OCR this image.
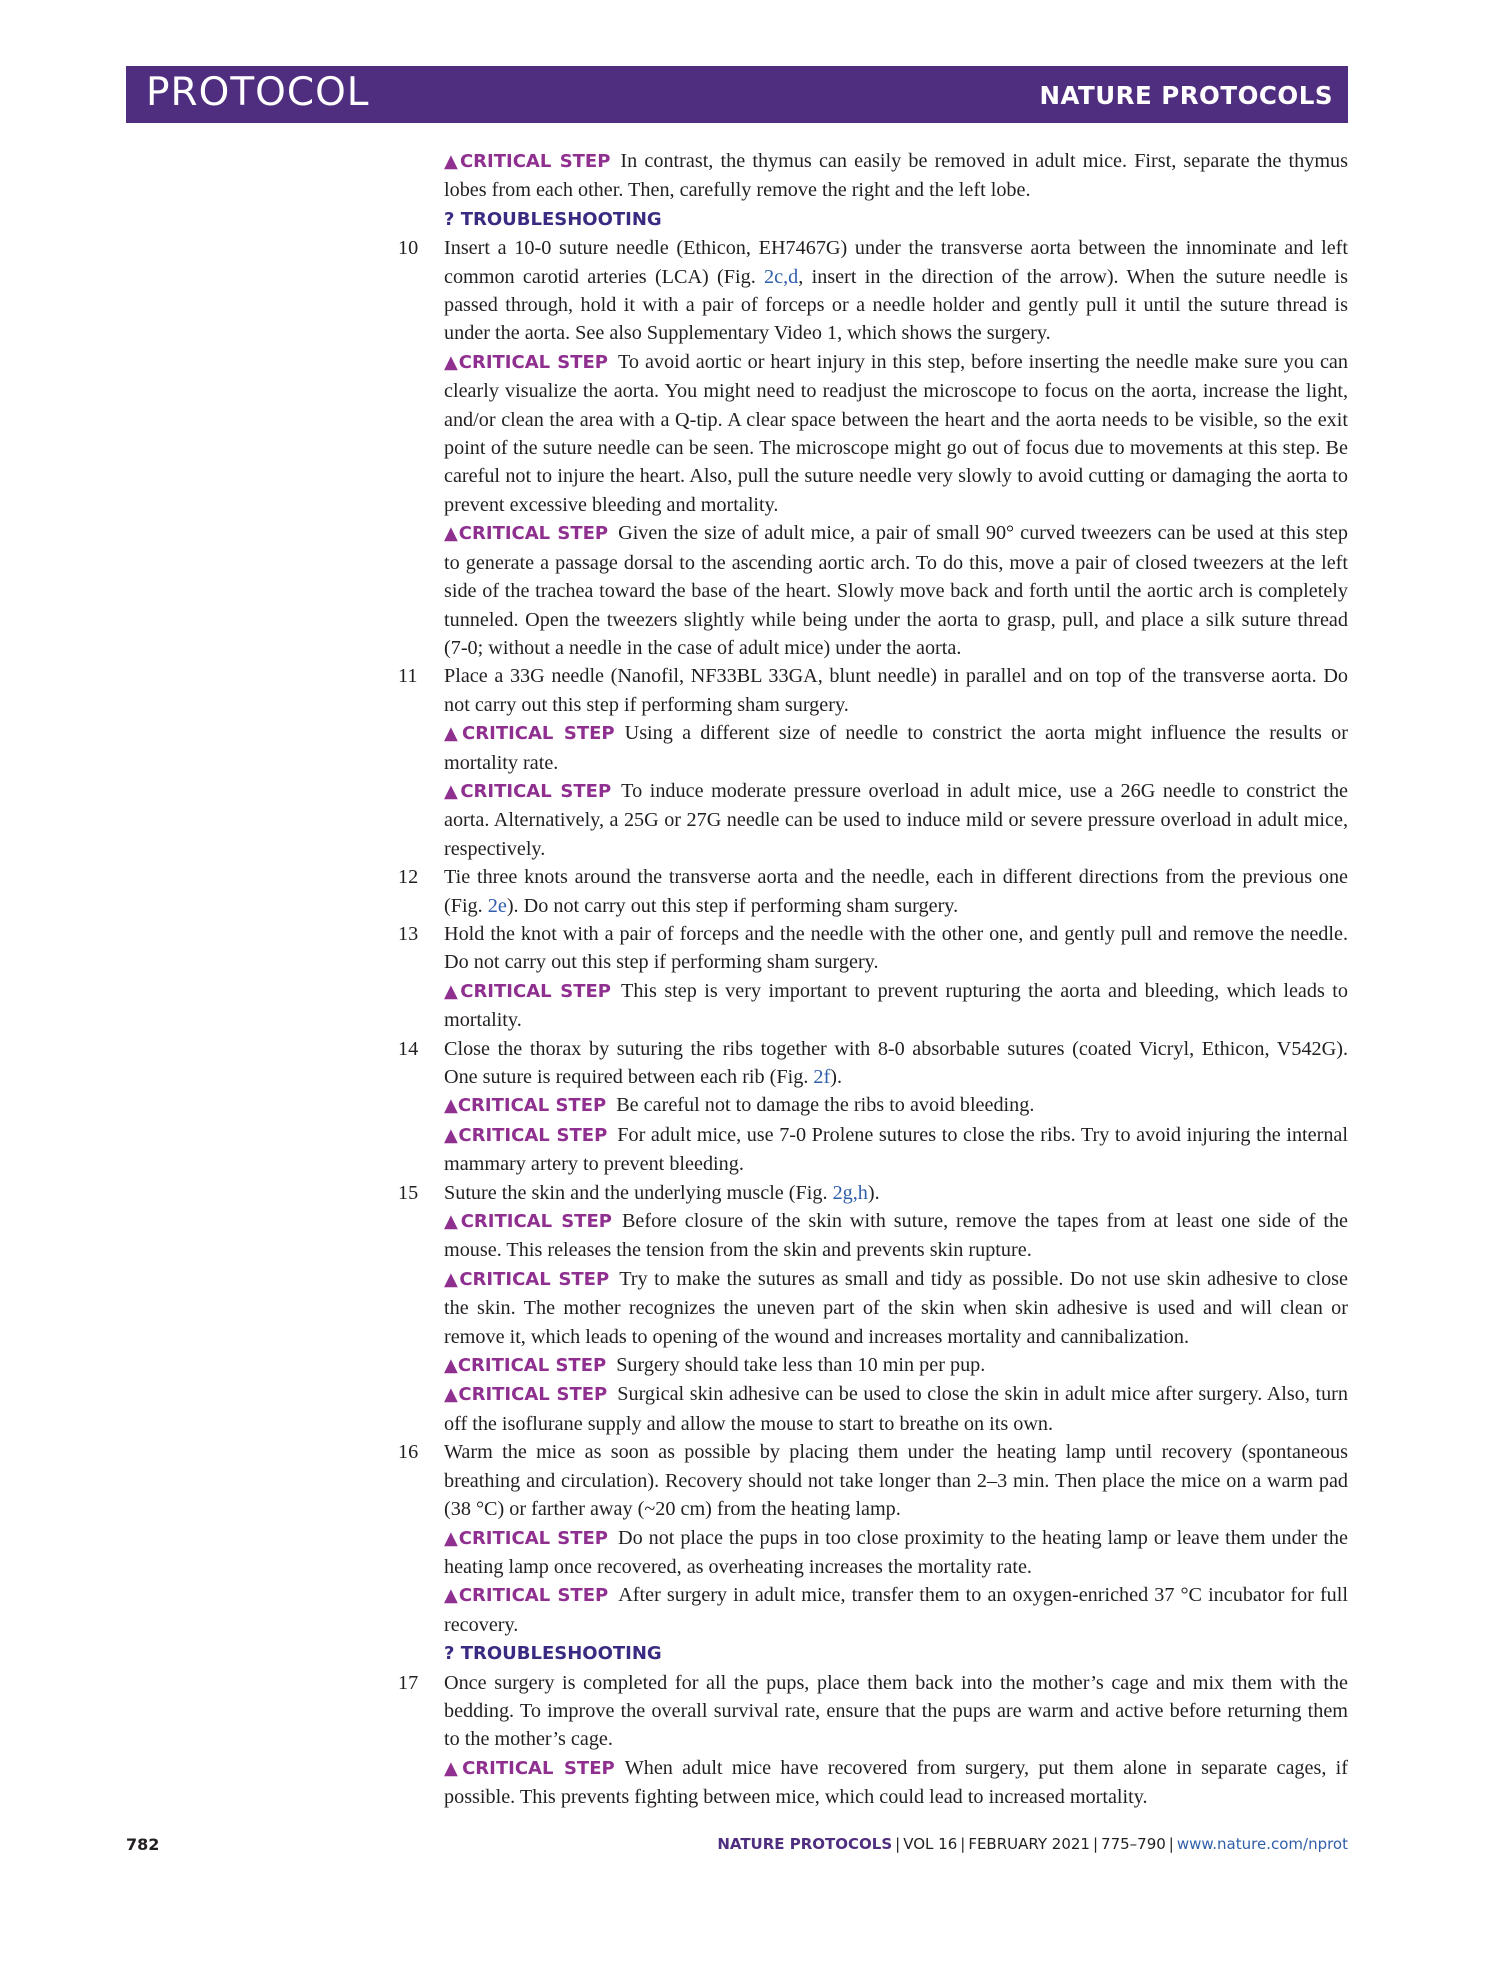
PROTOCOL	NATURE PROTOCOLS
▲CRITICAL STEP In contrast, the thymus can easily be removed in adult mice. First, separate the thymus lobes from each other. Then, carefully remove the right and the left lobe.
? TROUBLESHOOTING
10 Insert a 10-0 suture needle (Ethicon, EH7467G) under the transverse aorta between the innominate and left common carotid arteries (LCA) (Fig. 2c,d, insert in the direction of the arrow). When the suture needle is passed through, hold it with a pair of forceps or a needle holder and gently pull it until the suture thread is under the aorta. See also Supplementary Video 1, which shows the surgery.

▲CRITICAL STEP To avoid aortic or heart injury in this step, before inserting the needle make sure you can clearly visualize the aorta. You might need to readjust the microscope to focus on the aorta, increase the light, and/or clean the area with a Q-tip. A clear space between the heart and the aorta needs to be visible, so the exit point of the suture needle can be seen. The microscope might go out of focus due to movements at this step. Be careful not to injure the heart. Also, pull the suture needle very slowly to avoid cutting or damaging the aorta to prevent excessive bleeding and mortality.
▲CRITICAL STEP Given the size of adult mice, a pair of small 90° curved tweezers can be used at this step to generate a passage dorsal to the ascending aortic arch. To do this, move a pair of closed tweezers at the left side of the trachea toward the base of the heart. Slowly move back and forth until the aortic arch is completely tunneled. Open the tweezers slightly while being under the aorta to grasp, pull, and place a silk suture thread (7-0; without a needle in the case of adult mice) under the aorta.
11 Place a 33G needle (Nanofil, NF33BL 33GA, blunt needle) in parallel and on top of the transverse aorta. Do not carry out this step if performing sham surgery.

▲CRITICAL STEP Using a different size of needle to constrict the aorta might influence the results or mortality rate.
▲CRITICAL STEP To induce moderate pressure overload in adult mice, use a 26G needle to constrict the aorta. Alternatively, a 25G or 27G needle can be used to induce mild or severe pressure overload in adult mice, respectively.
12 Tie three knots around the transverse aorta and the needle, each in different directions from the previous one (Fig. 2e). Do not carry out this step if performing sham surgery.

13 Hold the knot with a pair of forceps and the needle with the other one, and gently pull and remove the needle. Do not carry out this step if performing sham surgery.

▲CRITICAL STEP This step is very important to prevent rupturing the aorta and bleeding, which leads to mortality.
14 Close the thorax by suturing the ribs together with 8-0 absorbable sutures (coated Vicryl, Ethicon, V542G). One suture is required between each rib (Fig. 2f).

▲CRITICAL STEP Be careful not to damage the ribs to avoid bleeding.
▲CRITICAL STEP For adult mice, use 7-0 Prolene sutures to close the ribs. Try to avoid injuring the internal mammary artery to prevent bleeding.
15 Suture the skin and the underlying muscle (Fig. 2g,h).

▲CRITICAL STEP Before closure of the skin with suture, remove the tapes from at least one side of the mouse. This releases the tension from the skin and prevents skin rupture.
▲CRITICAL STEP Try to make the sutures as small and tidy as possible. Do not use skin adhesive to close the skin. The mother recognizes the uneven part of the skin when skin adhesive is used and will clean or remove it, which leads to opening of the wound and increases mortality and cannibalization.
▲CRITICAL STEP Surgery should take less than 10 min per pup.
▲CRITICAL STEP Surgical skin adhesive can be used to close the skin in adult mice after surgery. Also, turn off the isoflurane supply and allow the mouse to start to breathe on its own.
16 Warm the mice as soon as possible by placing them under the heating lamp until recovery (spontaneous breathing and circulation). Recovery should not take longer than 2–3 min. Then place the mice on a warm pad (38 °C) or farther away (~20 cm) from the heating lamp.

▲CRITICAL STEP Do not place the pups in too close proximity to the heating lamp or leave them under the heating lamp once recovered, as overheating increases the mortality rate.
▲CRITICAL STEP After surgery in adult mice, transfer them to an oxygen-enriched 37 °C incubator for full recovery.
? TROUBLESHOOTING
17 Once surgery is completed for all the pups, place them back into the mother’s cage and mix them with the bedding. To improve the overall survival rate, ensure that the pups are warm and active before returning them to the mother’s cage.

▲CRITICAL STEP When adult mice have recovered from surgery, put them alone in separate cages, if possible. This prevents fighting between mice, which could lead to increased mortality.
782	NATURE PROTOCOLS | VOL 16 | FEBRUARY 2021 | 775–790 | www.nature.com/nprot
